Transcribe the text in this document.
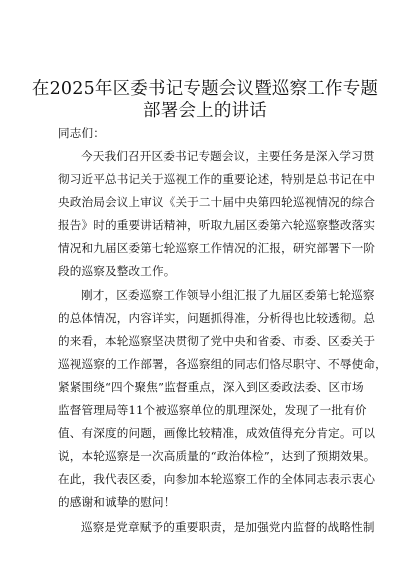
在2025年区委书记专题会议暨巡察工作专题
部署会上的讲话
同志们：
今天我们召开区委书记专题会议，主要任务是深入学习贯
彻习近平总书记关于巡视工作的重要论述，特别是总书记在中
央政治局会议上审议《关于二十届中央第四轮巡视情况的综合
报告》时的重要讲话精神，听取九届区委第六轮巡察整改落实
情况和九届区委第七轮巡察工作情况的汇报，研究部署下一阶
段的巡察及整改工作。
刚才，区委巡察工作领导小组汇报了九届区委第七轮巡察
的总体情况，内容详实，问题抓得准，分析得也比较透彻。总
的来看，本轮巡察坚决贯彻了党中央和省委、市委、区委关于
巡视巡察的工作部署，各巡察组的同志们恪尽职守、不辱使命，
紧紧围绕“四个聚焦”监督重点，深入到区委政法委、区市场
监督管理局等11个被巡察单位的肌理深处，发现了一批有价
值、有深度的问题，画像比较精准，成效值得充分肯定。可以
说，本轮巡察是一次高质量的“政治体检”，达到了预期效果。
在此，我代表区委，向参加本轮巡察工作的全体同志表示衷心
的感谢和诚挚的慰问！
巡察是党章赋予的重要职责，是加强党内监督的战略性制
